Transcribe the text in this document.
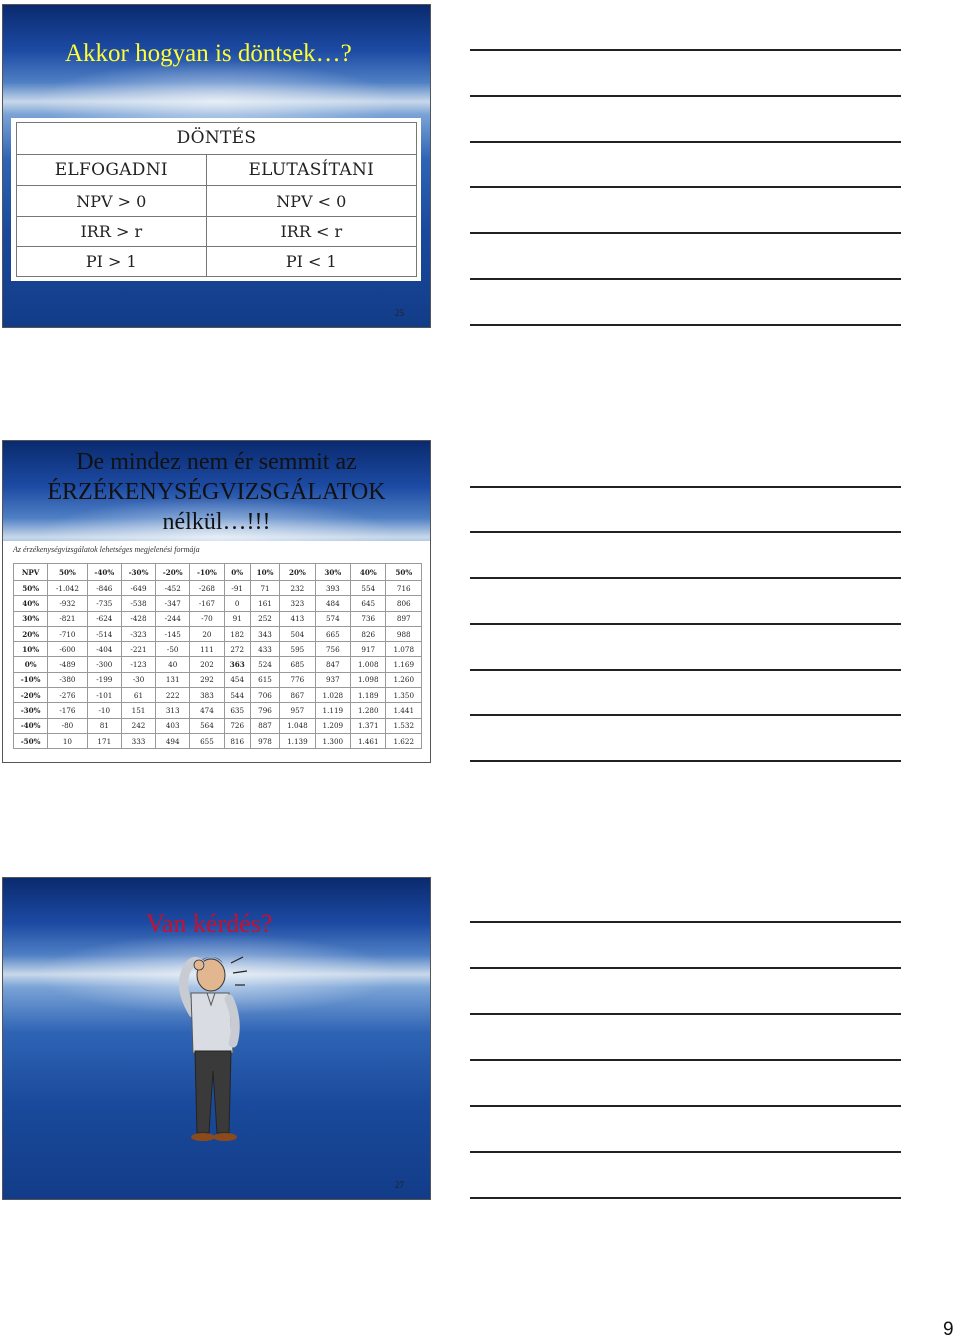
Akkor hogyan is döntsek…?
DÖNTÉS	
ELFOGADNI	ELUTASÍTANI
NPV > 0	NPV < 0
IRR > r	IRR < r
PI > 1	PI < 1
25
De mindez nem ér semmit az
ÉRZÉKENYSÉGVIZSGÁLATOK
nélkül…!!!
Az érzékenységvizsgálatok lehetséges megjelenési formája
NPV	50%	-40%	-30%	-20%	-10%	0%	10%	20%	30%	40%	50%
50%	-1.042	-846	-649	-452	-268	-91	71	232	393	554	716
40%	-932	-735	-538	-347	-167	0	161	323	484	645	806
30%	-821	-624	-428	-244	-70	91	252	413	574	736	897
20%	-710	-514	-323	-145	20	182	343	504	665	826	988
10%	-600	-404	-221	-50	111	272	433	595	756	917	1.078
0%	-489	-300	-123	40	202	363	524	685	847	1.008	1.169
-10%	-380	-199	-30	131	292	454	615	776	937	1.098	1.260
-20%	-276	-101	61	222	383	544	706	867	1.028	1.189	1.350
-30%	-176	-10	151	313	474	635	796	957	1.119	1.280	1.441
-40%	-80	81	242	403	564	726	887	1.048	1.209	1.371	1.532
-50%	10	171	333	494	655	816	978	1.139	1.300	1.461	1.622
Van kérdés?
27
9
